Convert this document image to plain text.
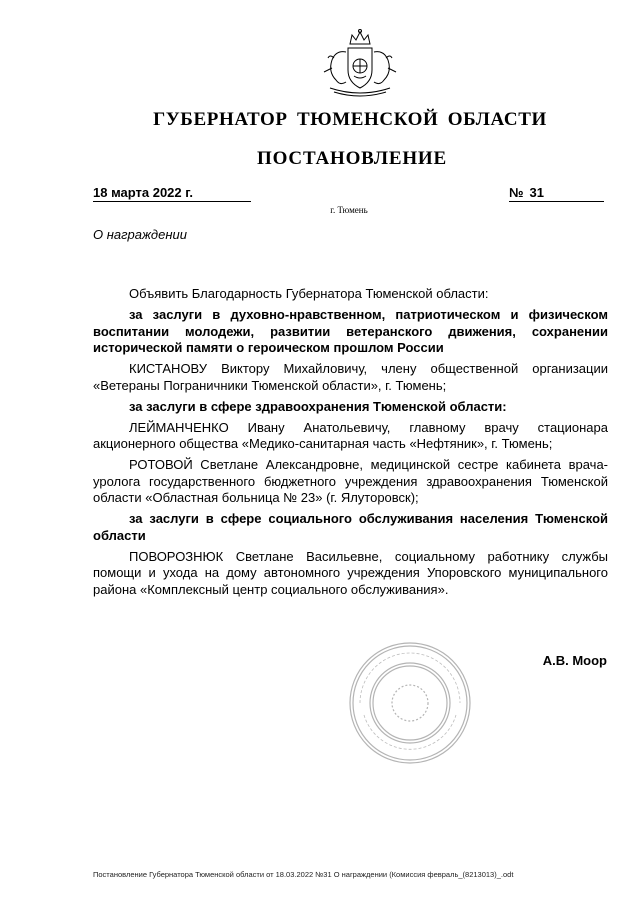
ГУБЕРНАТОР ТЮМЕНСКОЙ ОБЛАСТИ
ПОСТАНОВЛЕНИЕ
18 марта 2022 г.	№ 31
г. Тюмень
О награждении

Объявить Благодарность Губернатора Тюменской области:

за заслуги в духовно-нравственном, патриотическом и физическом воспитании молодежи, развитии ветеранского движения, сохранении исторической памяти о героическом прошлом России

КИСТАНОВУ Виктору Михайловичу, члену общественной организации «Ветераны Пограничники Тюменской области», г. Тюмень;

за заслуги в сфере здравоохранения Тюменской области:

ЛЕЙМАНЧЕНКО Ивану Анатольевичу, главному врачу стационара акционерного общества «Медико-санитарная часть «Нефтяник», г. Тюмень;

РОТОВОЙ Светлане Александровне, медицинской сестре кабинета врача-уролога государственного бюджетного учреждения здравоохранения Тюменской области «Областная больница № 23» (г. Ялуторовск);

за заслуги в сфере социального обслуживания населения Тюменской области

ПОВОРОЗНЮК Светлане Васильевне, социальному работнику службы помощи и ухода на дому автономного учреждения Упоровского муниципального района «Комплексный центр социального обслуживания».

А.В. Моор
Постановление Губернатора Тюменской области от 18.03.2022 №31 О награждении (Комиссия февраль_(8213013)_.odt
